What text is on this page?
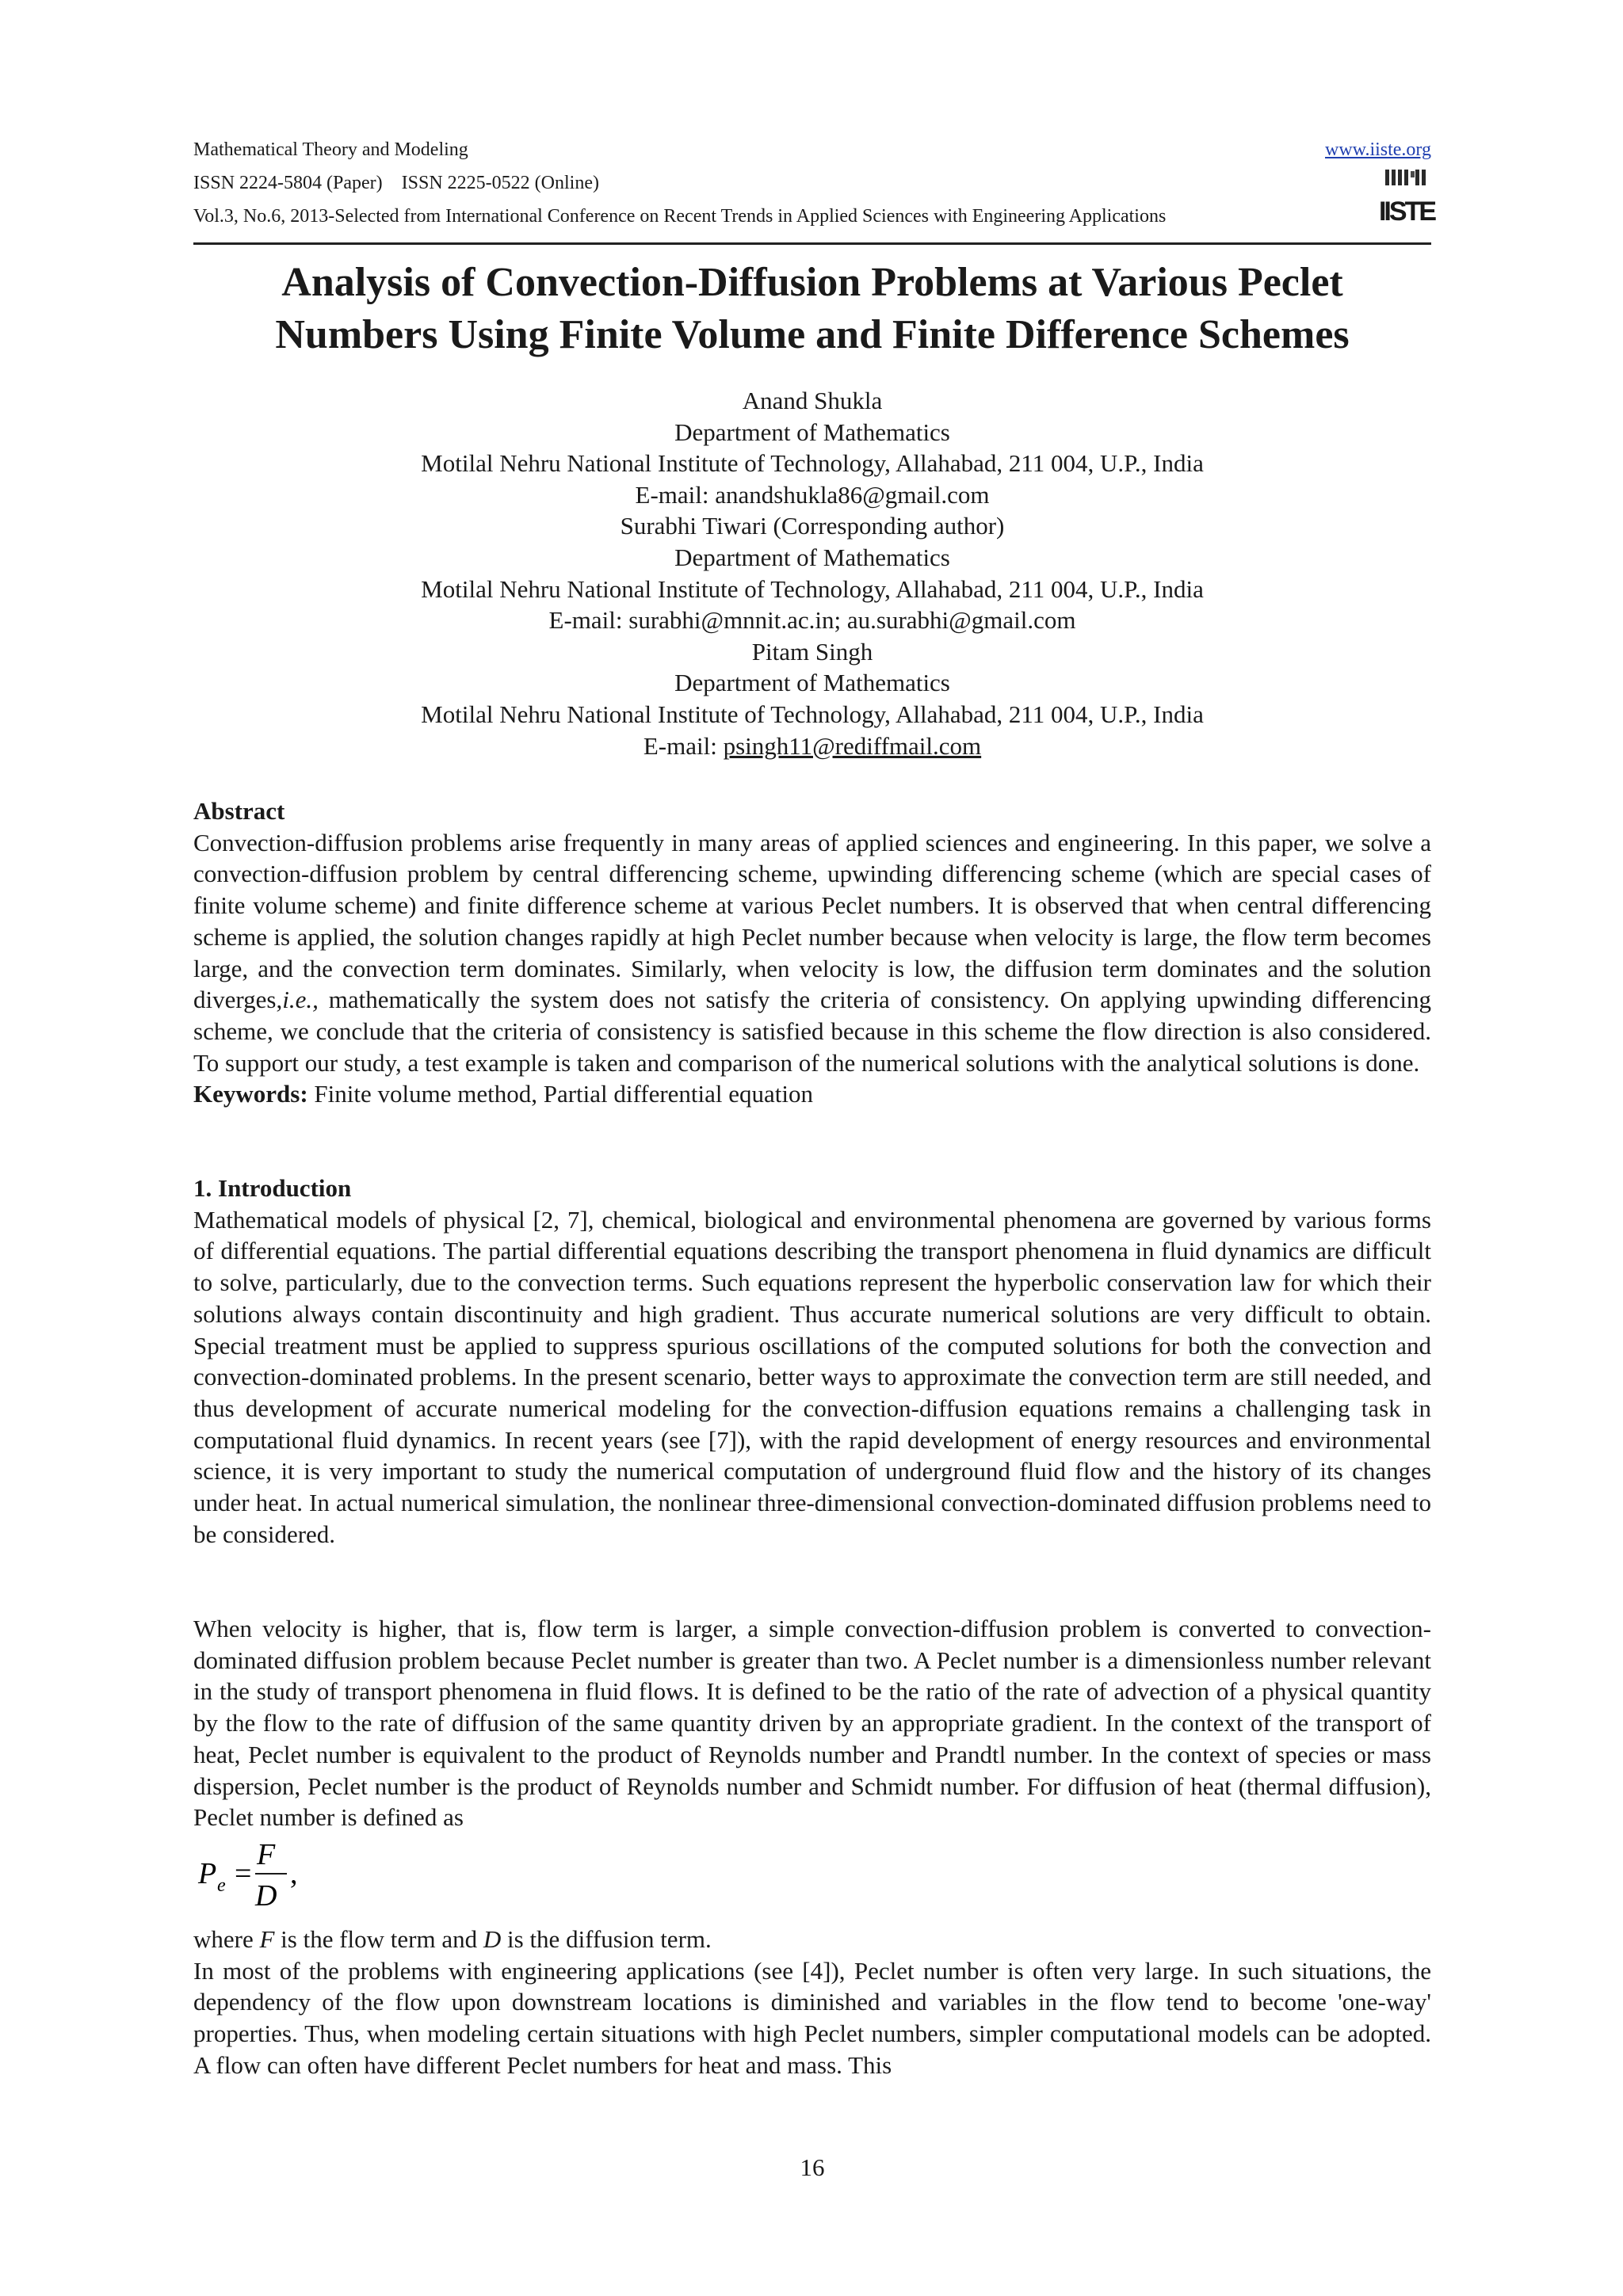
Mathematical Theory and Modeling	www.iiste.org
ISSN 2224-5804 (Paper)    ISSN 2225-0522 (Online)
Vol.3, No.6, 2013-Selected from International Conference on Recent Trends in Applied Sciences with Engineering Applications	IISTE
Analysis of Convection-Diffusion Problems at Various Peclet
Numbers Using Finite Volume and Finite Difference Schemes
Anand Shukla
Department of Mathematics
Motilal Nehru National Institute of Technology, Allahabad, 211 004, U.P., India
E-mail: anandshukla86@gmail.com
Surabhi Tiwari (Corresponding author)
Department of Mathematics
Motilal Nehru National Institute of Technology, Allahabad, 211 004, U.P., India
E-mail: surabhi@mnnit.ac.in; au.surabhi@gmail.com
Pitam Singh
Department of Mathematics
Motilal Nehru National Institute of Technology, Allahabad, 211 004, U.P., India
E-mail: psingh11@rediffmail.com

Abstract

Convection-diffusion problems arise frequently in many areas of applied sciences and engineering. In this paper, we solve a convection-diffusion problem by central differencing scheme, upwinding differencing scheme (which are special cases of finite volume scheme) and finite difference scheme at various Peclet numbers. It is observed that when central differencing scheme is applied, the solution changes rapidly at high Peclet number because when velocity is large, the flow term becomes large, and the convection term dominates. Similarly, when velocity is low, the diffusion term dominates and the solution diverges,i.e., mathematically the system does not satisfy the criteria of consistency. On applying upwinding differencing scheme, we conclude that the criteria of consistency is satisfied because in this scheme the flow direction is also considered. To support our study, a test example is taken and comparison of the numerical solutions with the analytical solutions is done.

Keywords: Finite volume method, Partial differential equation

1. Introduction

Mathematical models of physical [2, 7], chemical, biological and environmental phenomena are governed by various forms of differential equations. The partial differential equations describing the transport phenomena in fluid dynamics are difficult to solve, particularly, due to the convection terms. Such equations represent the hyperbolic conservation law for which their solutions always contain discontinuity and high gradient. Thus accurate numerical solutions are very difficult to obtain. Special treatment must be applied to suppress spurious oscillations of the computed solutions for both the convection and convection-dominated problems. In the present scenario, better ways to approximate the convection term are still needed, and thus development of accurate numerical modeling for the convection-diffusion equations remains a challenging task in computational fluid dynamics. In recent years (see [7]), with the rapid development of energy resources and environmental science, it is very important to study the numerical computation of underground fluid flow and the history of its changes under heat. In actual numerical simulation, the nonlinear three-dimensional convection-dominated diffusion problems need to be considered.

When velocity is higher, that is, flow term is larger, a simple convection-diffusion problem is converted to convection-dominated diffusion problem because Peclet number is greater than two. A Peclet number is a dimensionless number relevant in the study of transport phenomena in fluid flows. It is defined to be the ratio of the rate of advection of a physical quantity by the flow to the rate of diffusion of the same quantity driven by an appropriate gradient. In the context of the transport of heat, Peclet number is equivalent to the product of Reynolds number and Prandtl number. In the context of species or mass dispersion, Peclet number is the product of Reynolds number and Schmidt number. For diffusion of heat (thermal diffusion), Peclet number is defined as

P e =
F
D
,

where F is the flow term and D is the diffusion term.

In most of the problems with engineering applications (see [4]), Peclet number is often very large. In such situations, the dependency of the flow upon downstream locations is diminished and variables in the flow tend to become 'one-way' properties. Thus, when modeling certain situations with high Peclet numbers, simpler computational models can be adopted. A flow can often have different Peclet numbers for heat and mass. This

16
